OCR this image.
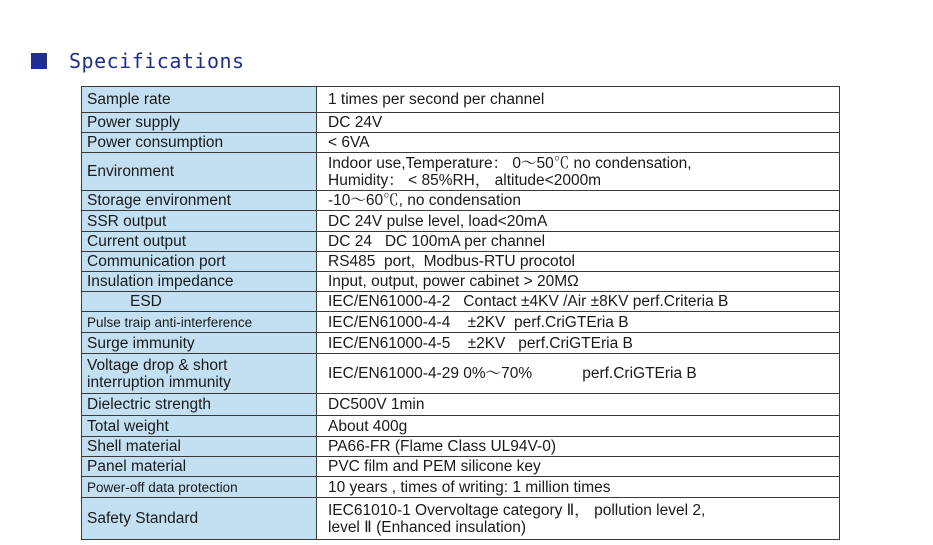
Specifications
Sample rate	1 times per second per channel
Power supply	DC 24V
Power consumption	< 6VA
Environment	Indoor use,Temperature： 0～50℃ no condensation,
Humidity： < 85%RH， altitude<2000m

Storage environment	-10～60℃, no condensation
SSR output	DC 24V pulse level, load<20mA
Current output	DC 24   DC 100mA per channel
Communication port	RS485  port,  Modbus-RTU procotol
Insulation impedance	Input, output, power cabinet > 20MΩ
ESD	IEC/EN61000-4-2   Contact ±4KV /Air ±8KV perf.Criteria B
Pulse traip anti-interference	IEC/EN61000-4-4    ±2KV  perf.CriGTEria B
Surge immunity	IEC/EN61000-4-5    ±2KV   perf.CriGTEria B

Voltage drop & short
interruption immunity	IEC/EN61000-4-29 0%～70% perf.CriGTEria B
Dielectric strength	DC500V 1min
Total weight	About 400g
Shell material	PA66-FR (Flame Class UL94V-0)
Panel material	PVC film and PEM silicone key
Power-off data protection	10 years , times of writing: 1 million times
Safety Standard	IEC61010-1 Overvoltage category Ⅱ， pollution level 2,
level Ⅱ (Enhanced insulation)
